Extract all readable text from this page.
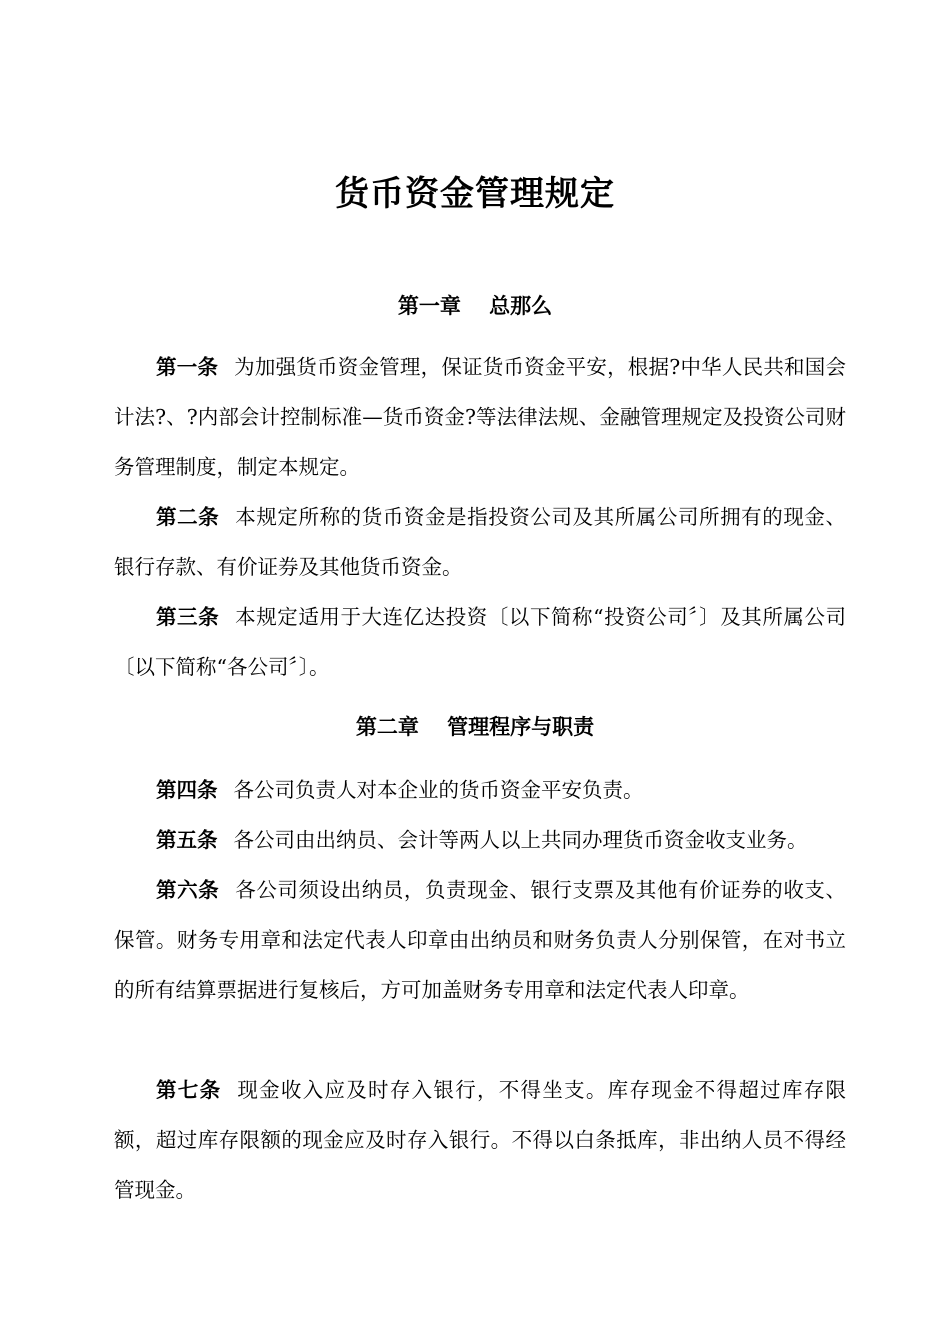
货币资金管理规定
第一章　 总那么

第一条 为加强货币资金管理，保证货币资金平安，根据?中华人民共和国会计法?、?内部会计控制标准—货币资金?等法律法规、金融管理规定及投资公司财务管理制度，制定本规定。

第二条 本规定所称的货币资金是指投资公司及其所属公司所拥有的现金、银行存款、有价证券及其他货币资金。

第三条 本规定适用于大连亿达投资〔以下简称“投资公司〞〕及其所属公司〔以下简称“各公司〞〕。

第二章　 管理程序与职责

第四条 各公司负责人对本企业的货币资金平安负责。

第五条 各公司由出纳员、会计等两人以上共同办理货币资金收支业务。

第六条 各公司须设出纳员，负责现金、银行支票及其他有价证券的收支、保管。财务专用章和法定代表人印章由出纳员和财务负责人分别保管，在对书立的所有结算票据进行复核后，方可加盖财务专用章和法定代表人印章。

第七条 现金收入应及时存入银行，不得坐支。库存现金不得超过库存限额，超过库存限额的现金应及时存入银行。不得以白条抵库，非出纳人员不得经管现金。
